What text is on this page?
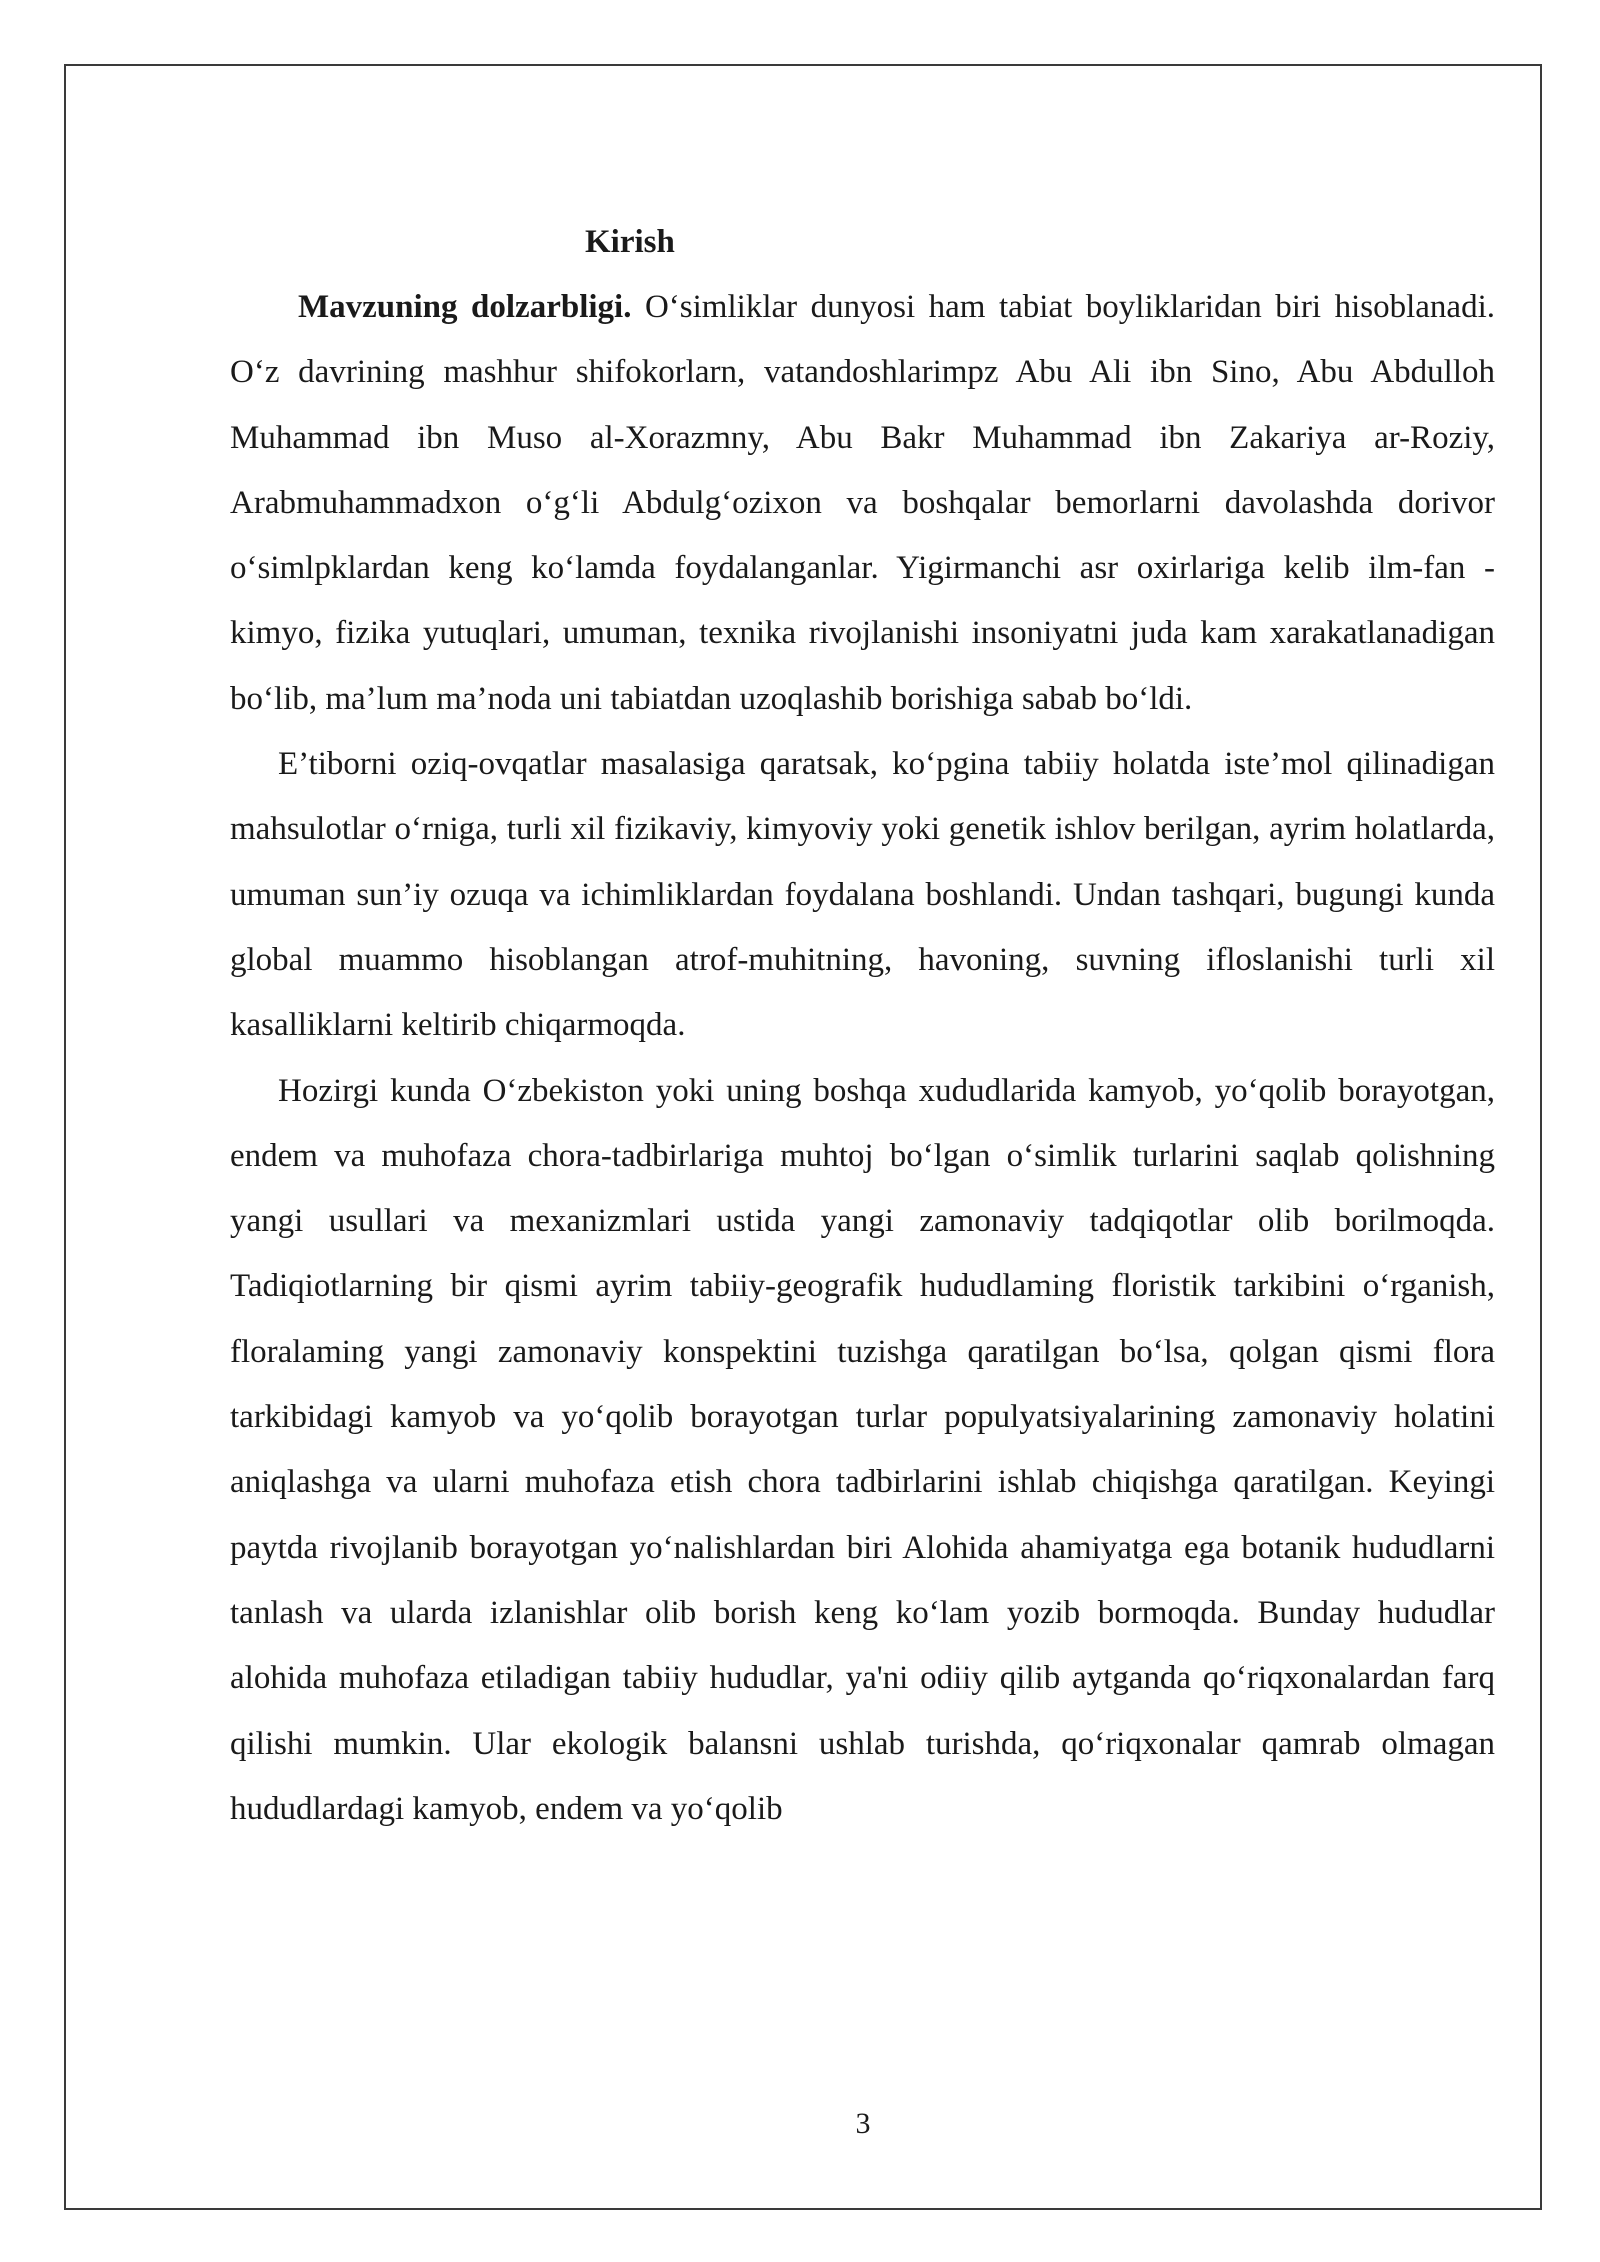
Kirish

Mavzuning dolzarbligi. O‘simliklar dunyosi ham tabiat boyliklaridan biri hisoblanadi. O‘z davrining mashhur shifokorlarn, vatandoshlarimpz Abu Ali ibn Sino, Abu Abdulloh Muhammad ibn Muso al-Xorazmny, Abu Bakr Muhammad ibn Zakariya ar-Roziy, Arabmuhammadxon o‘g‘li Abdulg‘ozixon va boshqalar bemorlarni davolashda dorivor o‘simlpklardan keng ko‘lamda foydalanganlar. Yigirmanchi asr oxirlariga kelib ilm-fan - kimyo, fizika yutuqlari, umuman, texnika rivojlanishi insoniyatni juda kam xarakatlanadigan bo‘lib, ma’lum ma’noda uni tabiatdan uzoqlashib borishiga sabab bo‘ldi.

E’tiborni oziq-ovqatlar masalasiga qaratsak, ko‘pgina tabiiy holatda iste’mol qilinadigan mahsulotlar o‘rniga, turli xil fizikaviy, kimyoviy yoki genetik ishlov berilgan, ayrim holatlarda, umuman sun’iy ozuqa va ichimliklardan foydalana boshlandi. Undan tashqari, bugungi kunda global muammo hisoblangan atrof-muhitning, havoning, suvning ifloslanishi turli xil kasalliklarni keltirib chiqarmoqda.

Hozirgi kunda O‘zbekiston yoki uning boshqa xududlarida kamyob, yo‘qolib borayotgan, endem va muhofaza chora-tadbirlariga muhtoj bo‘lgan o‘simlik turlarini saqlab qolishning yangi usullari va mexanizmlari ustida yangi zamonaviy tadqiqotlar olib borilmoqda. Tadiqiotlarning bir qismi ayrim tabiiy-geografik hududlaming floristik tarkibini o‘rganish, floralaming yangi zamonaviy konspektini tuzishga qaratilgan bo‘lsa, qolgan qismi flora tarkibidagi kamyob va yo‘qolib borayotgan turlar populyatsiyalarining zamonaviy holatini aniqlashga va ularni muhofaza etish chora tadbirlarini ishlab chiqishga qaratilgan. Keyingi paytda rivojlanib borayotgan yo‘nalishlardan biri Alohida ahamiyatga ega botanik hududlarni tanlash va ularda izlanishlar olib borish keng ko‘lam yozib bormoqda. Bunday hududlar alohida muhofaza etiladigan tabiiy hududlar, ya'ni odiiy qilib aytganda qo‘riqxonalardan farq qilishi mumkin. Ular ekologik balansni ushlab turishda, qo‘riqxonalar qamrab olmagan hududlardagi kamyob, endem va yo‘qolib

3
